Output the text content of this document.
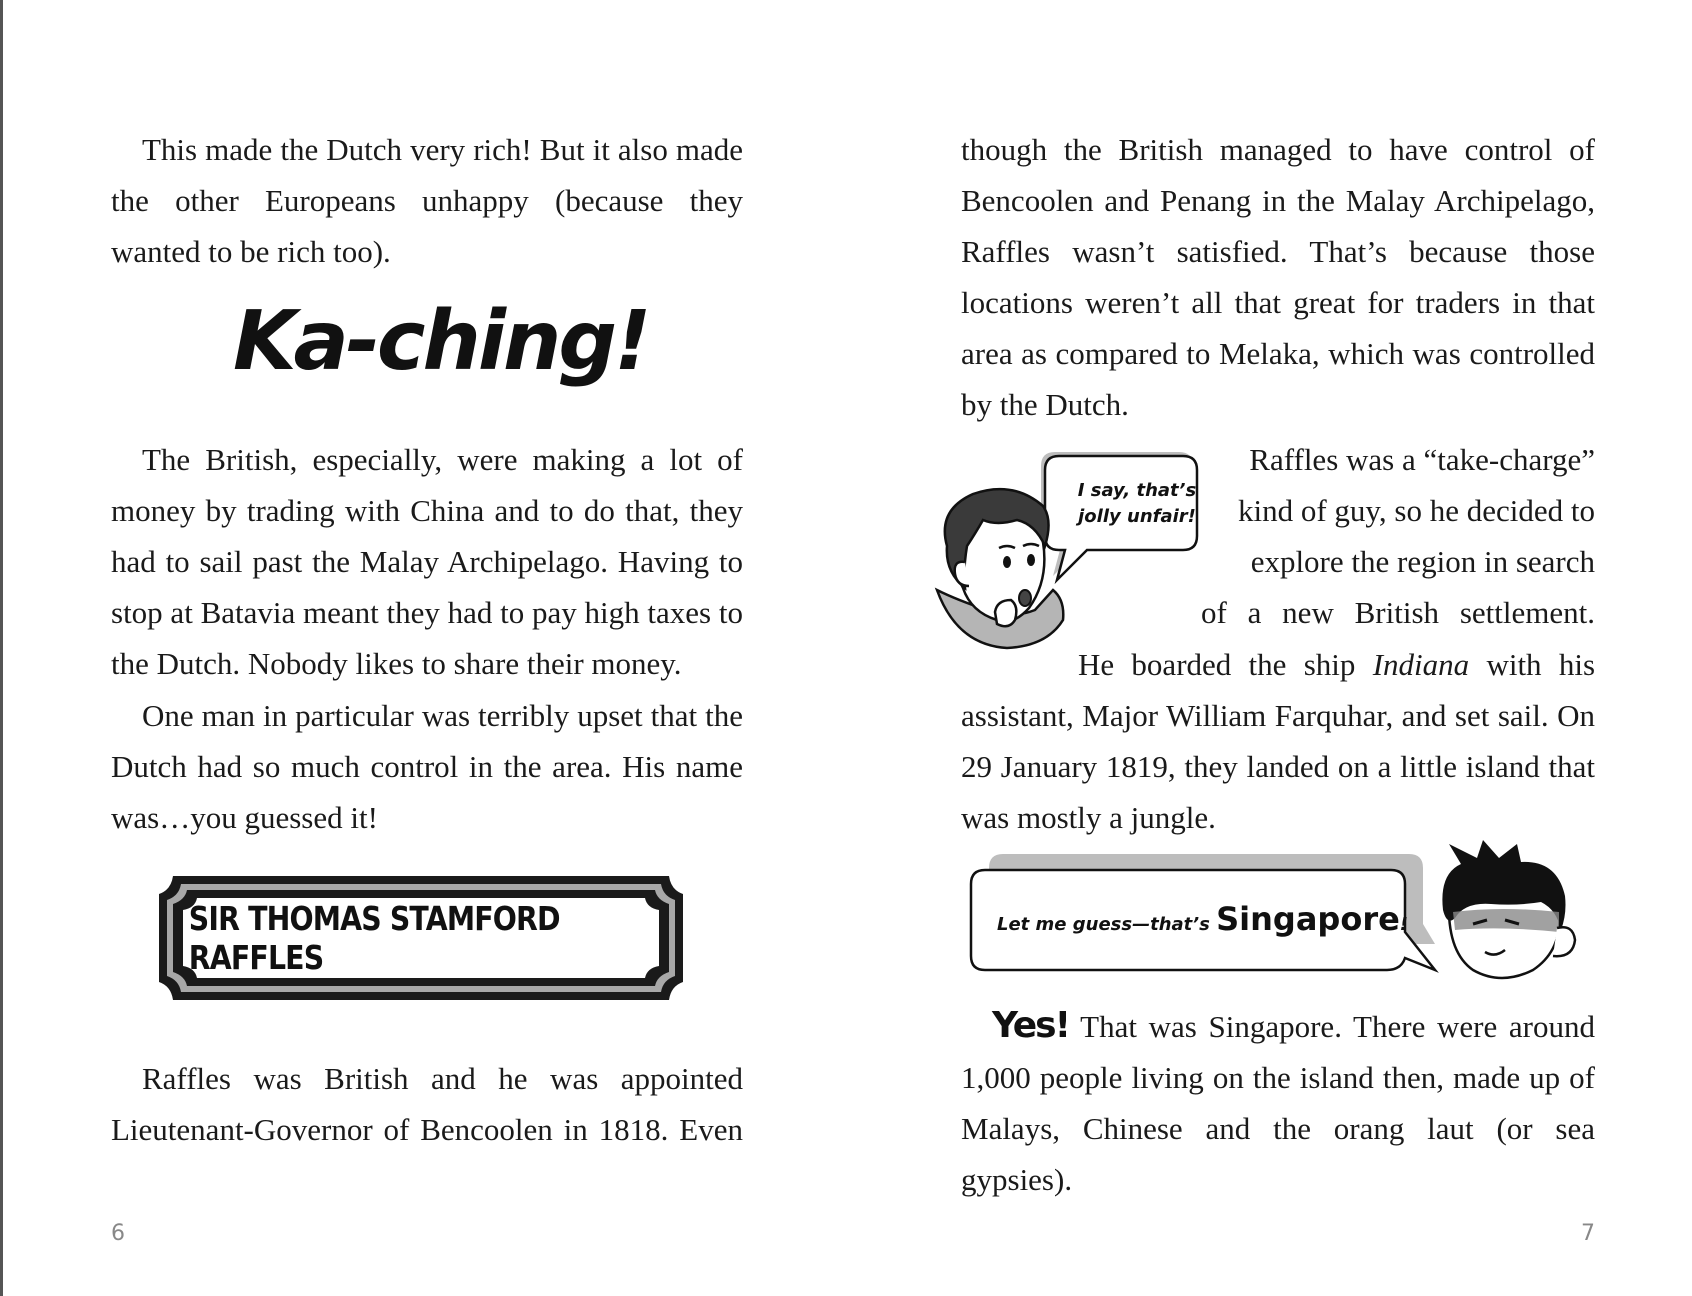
This made the Dutch very rich! But it also made the other Europeans unhappy (because they wanted to be rich too).

Ka-ching!

The British, especially, were making a lot of money by trading with China and to do that, they had to sail past the Malay Archipelago. Having to stop at Batavia meant they had to pay high taxes to the Dutch. Nobody likes to share their money.

One man in particular was terribly upset that the Dutch had so much control in the area. His name was…you guessed it!

SIR THOMAS STAMFORD RAFFLES

Raffles was British and he was appointed Lieutenant-Governor of Bencoolen in 1818. Even

6

though the British managed to have control of Bencoolen and Penang in the Malay Archipelago, Raffles wasn’t satisfied. That’s because those locations weren’t all that great for traders in that area as compared to Melaka, which was controlled by the Dutch.

I say, that’s
jolly unfair!
Raffles was a “take-charge”
kind of guy, so he decided to
explore the region in search
of a new British settlement.
He boarded the ship Indiana with his

assistant, Major William Farquhar, and set sail. On 29 January 1819, they landed on a little island that was mostly a jungle.

Let me guess—that’s Singapore!

Yes! That was Singapore. There were around 1,000 people living on the island then, made up of Malays, Chinese and the orang laut (or sea gypsies).

7
